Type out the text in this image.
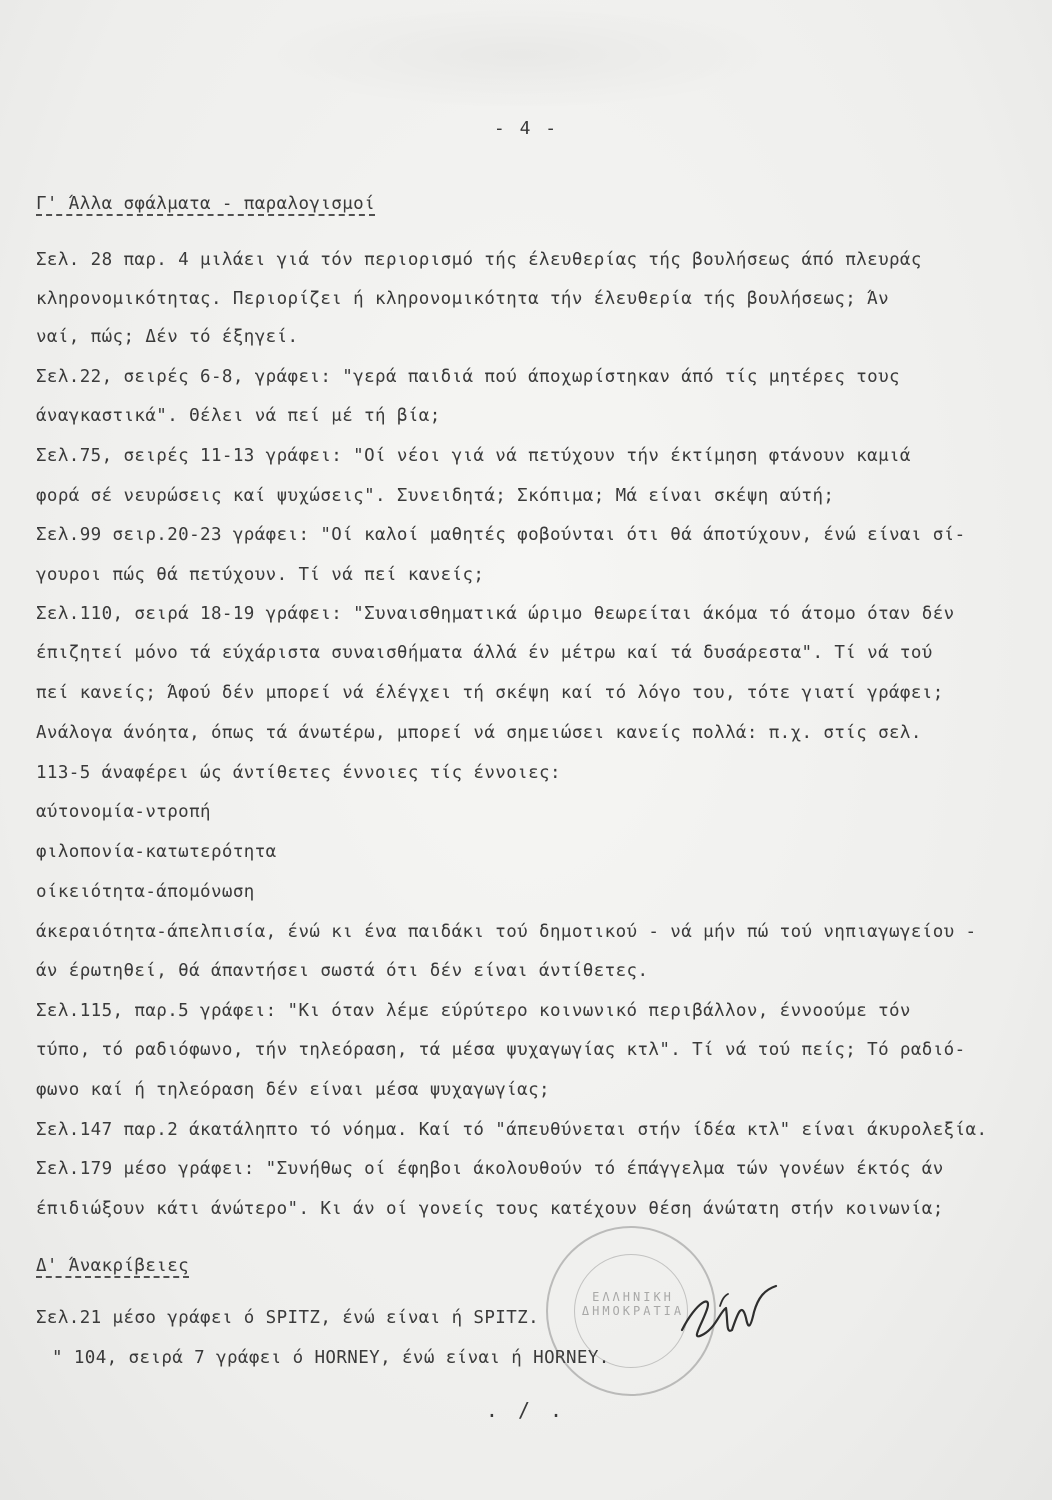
- 4 -
Γ' Άλλα σφάλματα - παραλογισμοί
Σελ. 28 παρ. 4 μιλάει γιά τόν περιορισμό τής έλευθερίας τής βουλήσεως άπό πλευράς
κληρονομικότητας. Περιορίζει ή κληρονομικότητα τήν έλευθερία τής βουλήσεως; Άν
ναί, πώς; Δέν τό έξηγεί.
Σελ.22, σειρές 6-8, γράφει: "γερά παιδιά πού άποχωρίστηκαν άπό τίς μητέρες τους
άναγκαστικά". Θέλει νά πεί μέ τή βία;
Σελ.75, σειρές 11-13 γράφει: "Οί νέοι γιά νά πετύχουν τήν έκτίμηση φτάνουν καμιά
φορά σέ νευρώσεις καί ψυχώσεις". Συνειδητά; Σκόπιμα; Μά είναι σκέψη αύτή;
Σελ.99 σειρ.20-23 γράφει: "Οί καλοί μαθητές φοβούνται ότι θά άποτύχουν, ένώ είναι σί-
γουροι πώς θά πετύχουν. Τί νά πεί κανείς;
Σελ.110, σειρά 18-19 γράφει: "Συναισθηματικά ώριμο θεωρείται άκόμα τό άτομο όταν δέν
έπιζητεί μόνο τά εύχάριστα συναισθήματα άλλά έν μέτρω καί τά δυσάρεστα". Τί νά τού
πεί κανείς; Άφού δέν μπορεί νά έλέγχει τή σκέψη καί τό λόγο του, τότε γιατί γράφει;
Ανάλογα άνόητα, όπως τά άνωτέρω, μπορεί νά σημειώσει κανείς πολλά: π.χ. στίς σελ.
113-5 άναφέρει ώς άντίθετες έννοιες τίς έννοιες:
αύτονομία-ντροπή
φιλοπονία-κατωτερότητα
οίκειότητα-άπομόνωση
άκεραιότητα-άπελπισία, ένώ κι ένα παιδάκι τού δημοτικού - νά μήν πώ τού νηπιαγωγείου -
άν έρωτηθεί, θά άπαντήσει σωστά ότι δέν είναι άντίθετες.
Σελ.115, παρ.5 γράφει: "Κι όταν λέμε εύρύτερο κοινωνικό περιβάλλον, έννοούμε τόν
τύπο, τό ραδιόφωνο, τήν τηλεόραση, τά μέσα ψυχαγωγίας κτλ". Τί νά τού πείς; Τό ραδιό-
φωνο καί ή τηλεόραση δέν είναι μέσα ψυχαγωγίας;
Σελ.147 παρ.2 άκατάληπτο τό νόημα. Καί τό "άπευθύνεται στήν ίδέα κτλ" είναι άκυρολεξία.
Σελ.179 μέσο γράφει: "Συνήθως οί έφηβοι άκολουθούν τό έπάγγελμα τών γονέων έκτός άν
έπιδιώξουν κάτι άνώτερο". Κι άν οί γονείς τους κατέχουν θέση άνώτατη στήν κοινωνία;
Δ' Άνακρίβειες
Σελ.21 μέσο γράφει ό SPITZ, ένώ είναι ή SPITZ.
" 104, σειρά 7 γράφει ό HORNEY, ένώ είναι ή HORNEY.
. / .
ΕΛΛΗΝΙΚΗ ΔΗΜΟΚΡΑΤΙΑ
